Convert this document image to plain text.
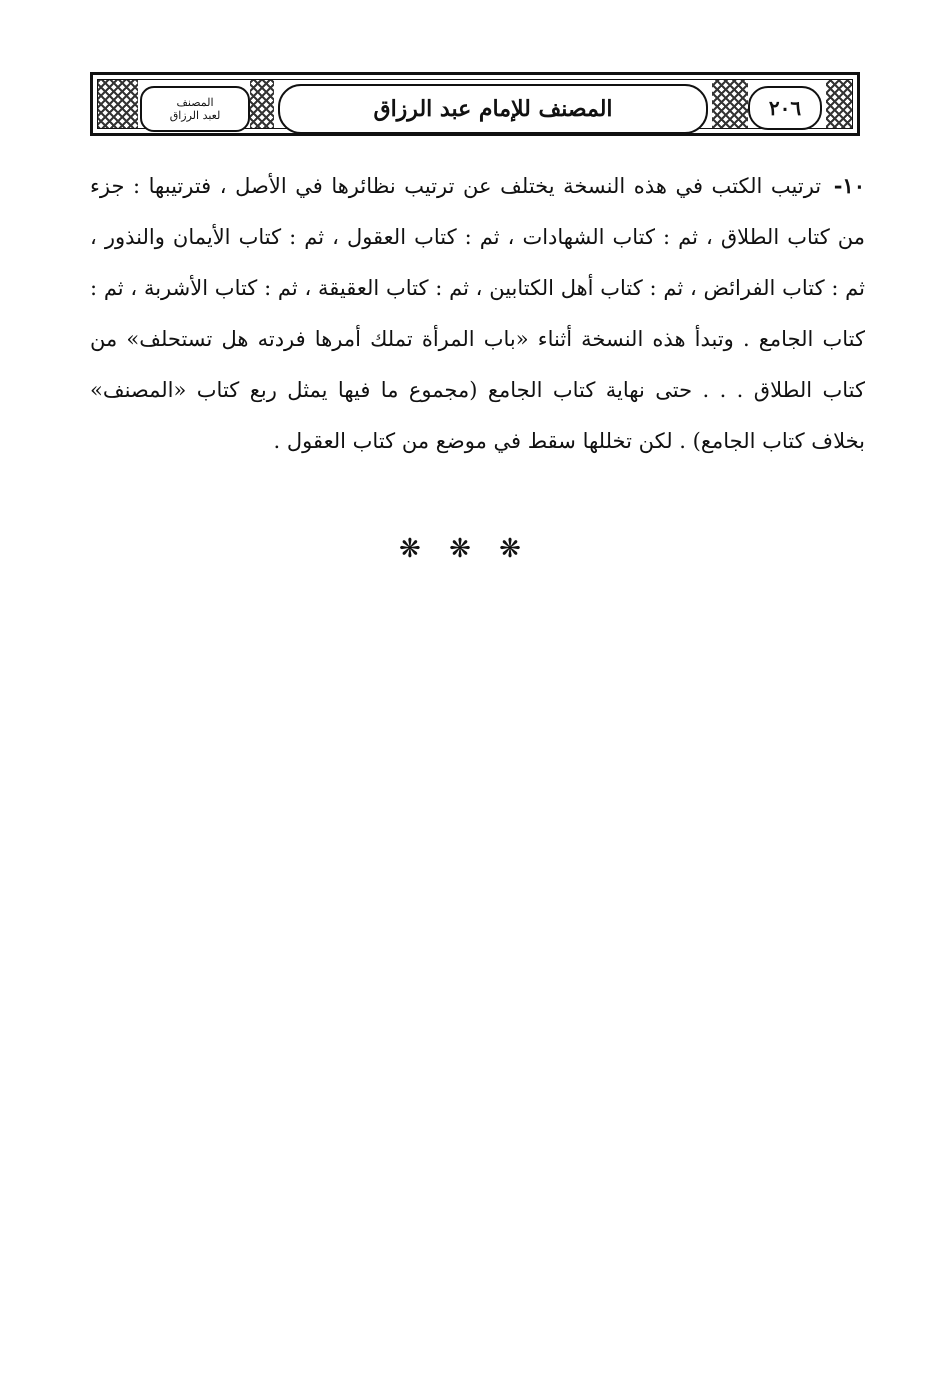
المصنف
لعبد الرزاق	المصنف للإمام عبد الرزاق	٢٠٦

١٠- ترتيب الكتب في هذه النسخة يختلف عن ترتيب نظائرها في الأصل ، فترتيبها : جزء من كتاب الطلاق ، ثم : كتاب الشهادات ، ثم : كتاب العقول ، ثم : كتاب الأيمان والنذور ، ثم : كتاب الفرائض ، ثم : كتاب أهل الكتابين ، ثم : كتاب العقيقة ، ثم : كتاب الأشربة ، ثم : كتاب الجامع . وتبدأ هذه النسخة أثناء «باب المرأة تملك أمرها فردته هل تستحلف» من كتاب الطلاق . . . حتى نهاية كتاب الجامع (مجموع ما فيها يمثل ربع كتاب «المصنف» بخلاف كتاب الجامع) . لكن تخللها سقط في موضع من كتاب العقول .

❋ ❋ ❋
